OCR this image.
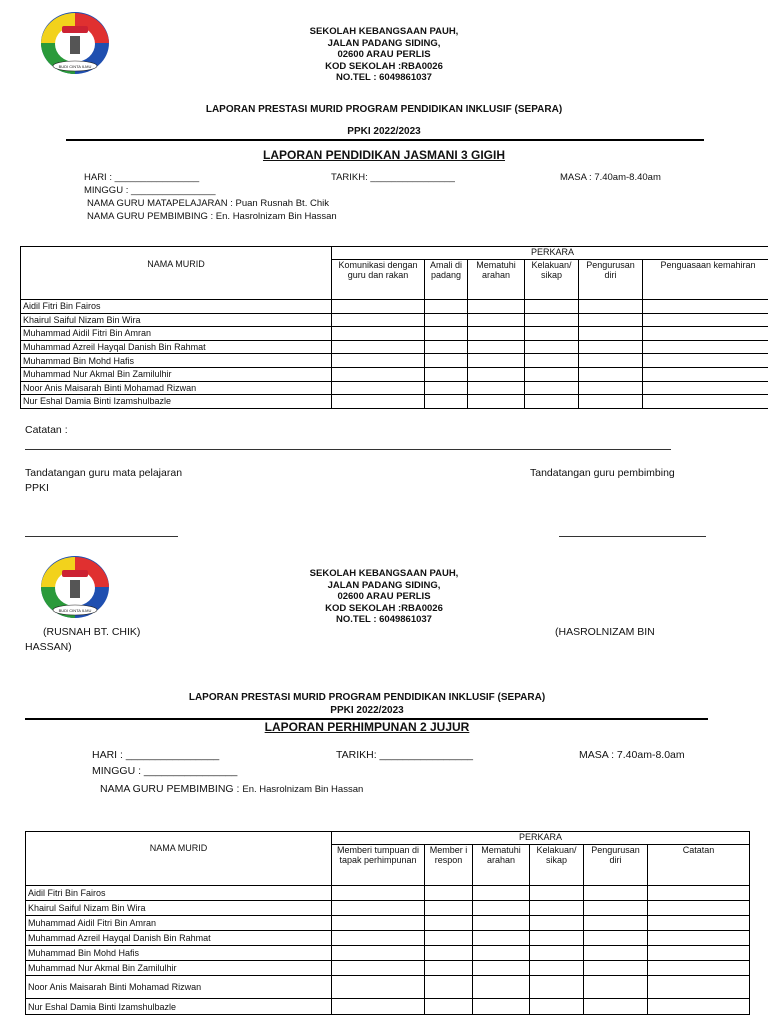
BUDI CINTA ILMU
SEKOLAH KEBANGSAAN PAUH,
JALAN PADANG SIDING,
02600 ARAU PERLIS
KOD SEKOLAH :RBA0026
NO.TEL : 6049861037
LAPORAN PRESTASI MURID PROGRAM PENDIDIKAN INKLUSIF (SEPARA)
PPKI 2022/2023
LAPORAN PENDIDIKAN JASMANI 3 GIGIH
HARI : ________________	TARIKH: ________________	MASA : 7.40am-8.40am
MINGGU : ________________
NAMA GURU MATAPELAJARAN : Puan Rusnah Bt. Chik
NAMA GURU PEMBIMBING : En. Hasrolnizam Bin Hassan
NAMA MURID	PERKARA					
	Komunikasi dengan guru dan rakan	Amali di padang	Mematuhi arahan	Kelakuan/ sikap	Pengurusan diri	Penguasaan kemahiran
Aidil Fitri Bin Fairos						
Khairul Saiful Nizam Bin Wira						
Muhammad Aidil Fitri Bin Amran						
Muhammad Azreil Hayqal Danish Bin Rahmat						
Muhammad Bin Mohd Hafis						
Muhammad Nur Akmal Bin Zamilulhir						
Noor Anis Maisarah Binti Mohamad Rizwan						
Nur Eshal Damia Binti Izamshulbazle						
Catatan :
Tandatangan guru mata pelajaran
PPKI
Tandatangan guru pembimbing
BUDI CINTA ILMU
SEKOLAH KEBANGSAAN PAUH,
JALAN PADANG SIDING,
02600 ARAU PERLIS
KOD SEKOLAH :RBA0026
NO.TEL : 6049861037
(RUSNAH BT. CHIK)	(HASROLNIZAM BIN
HASSAN)
LAPORAN PRESTASI MURID PROGRAM PENDIDIKAN INKLUSIF (SEPARA)
PPKI 2022/2023
LAPORAN PERHIMPUNAN 2 JUJUR
HARI : ________________	TARIKH: ________________	MASA : 7.40am-8.0am
MINGGU : ________________
NAMA GURU PEMBIMBING : En. Hasrolnizam Bin Hassan
NAMA MURID	PERKARA					
	Memberi tumpuan di tapak perhimpunan	Member i respon	Mematuhi arahan	Kelakuan/ sikap	Pengurusan diri	Catatan
Aidil Fitri Bin Fairos						
Khairul Saiful Nizam Bin Wira						
Muhammad Aidil Fitri Bin Amran						
Muhammad Azreil Hayqal Danish Bin Rahmat						
Muhammad Bin Mohd Hafis						
Muhammad Nur Akmal Bin Zamilulhir						
Noor Anis Maisarah Binti Mohamad Rizwan						
Nur Eshal Damia Binti Izamshulbazle						
